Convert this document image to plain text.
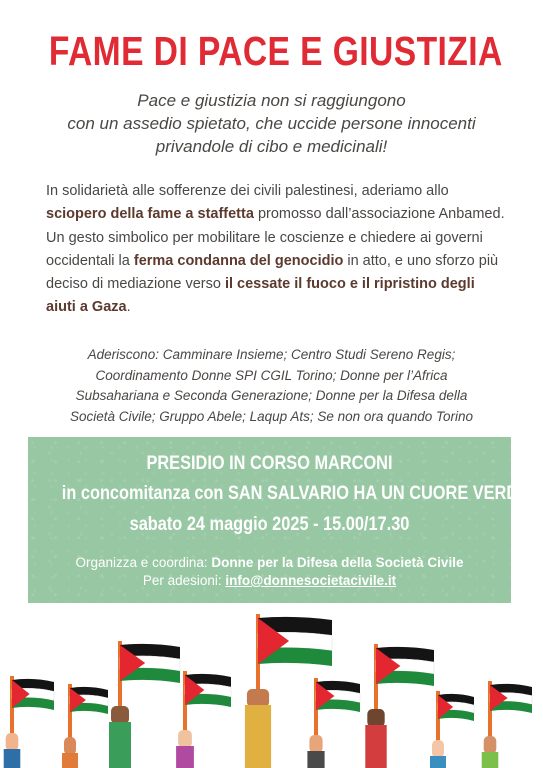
FAME DI PACE E GIUSTIZIA
Pace e giustizia non si raggiungono
con un assedio spietato, che uccide persone innocenti
privandole di cibo e medicinali!
In solidarietà alle sofferenze dei civili palestinesi, aderiamo allo sciopero della fame a staffetta promosso dall’associazione Anbamed. Un gesto simbolico per mobilitare le coscienze e chiedere ai governi occidentali la ferma condanna del genocidio in atto, e uno sforzo più deciso di mediazione verso il cessate il fuoco e il ripristino degli aiuti a Gaza.
Aderiscono: Camminare Insieme; Centro Studi Sereno Regis;
Coordinamento Donne SPI CGIL Torino; Donne per l’Africa
Subsahariana e Seconda Generazione; Donne per la Difesa della
Società Civile; Gruppo Abele; Laqup Ats; Se non ora quando Torino
PRESIDIO IN CORSO MARCONI
in concomitanza con SAN SALVARIO HA UN CUORE VERDE
sabato 24 maggio 2025 - 15.00/17.30
Organizza e coordina: Donne per la Difesa della Società Civile
Per adesioni: info@donnesocietacivile.it
